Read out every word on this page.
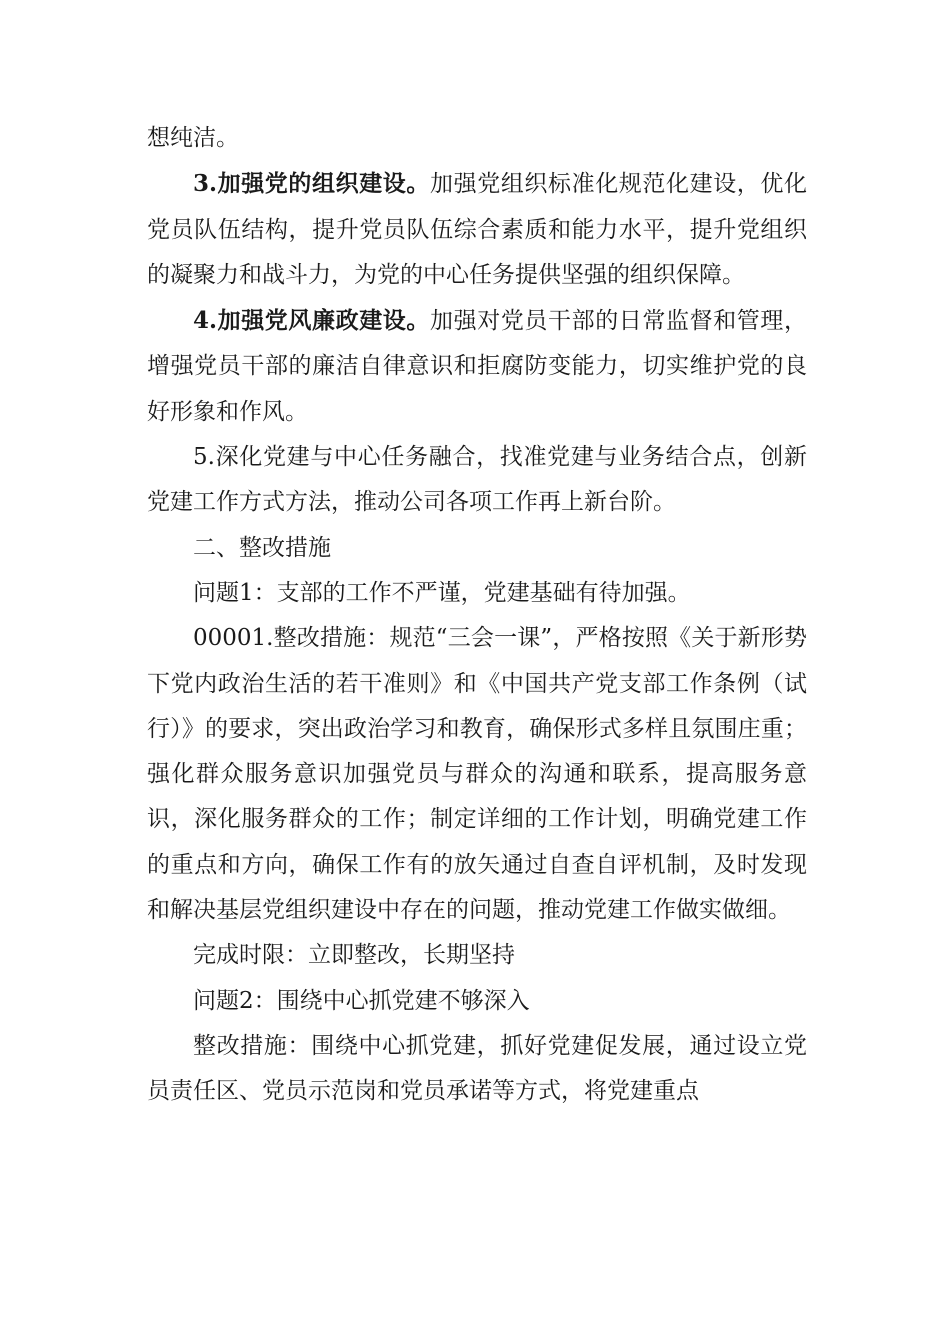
想纯洁。

3.加强党的组织建设。加强党组织标准化规范化建设，优化党员队伍结构，提升党员队伍综合素质和能力水平，提升党组织的凝聚力和战斗力，为党的中心任务提供坚强的组织保障。

4.加强党风廉政建设。加强对党员干部的日常监督和管理，增强党员干部的廉洁自律意识和拒腐防变能力，切实维护党的良好形象和作风。

5.深化党建与中心任务融合，找准党建与业务结合点，创新党建工作方式方法，推动公司各项工作再上新台阶。

二、整改措施

问题1：支部的工作不严谨，党建基础有待加强。

00001.整改措施：规范“三会一课”，严格按照《关于新形势下党内政治生活的若干准则》和《中国共产党支部工作条例（试行）》的要求，突出政治学习和教育，确保形式多样且氛围庄重；强化群众服务意识加强党员与群众的沟通和联系，提高服务意识，深化服务群众的工作；制定详细的工作计划，明确党建工作的重点和方向，确保工作有的放矢通过自查自评机制，及时发现和解决基层党组织建设中存在的问题，推动党建工作做实做细。

完成时限：立即整改，长期坚持

问题2：围绕中心抓党建不够深入

整改措施：围绕中心抓党建，抓好党建促发展，通过设立党员责任区、党员示范岗和党员承诺等方式，将党建重点
